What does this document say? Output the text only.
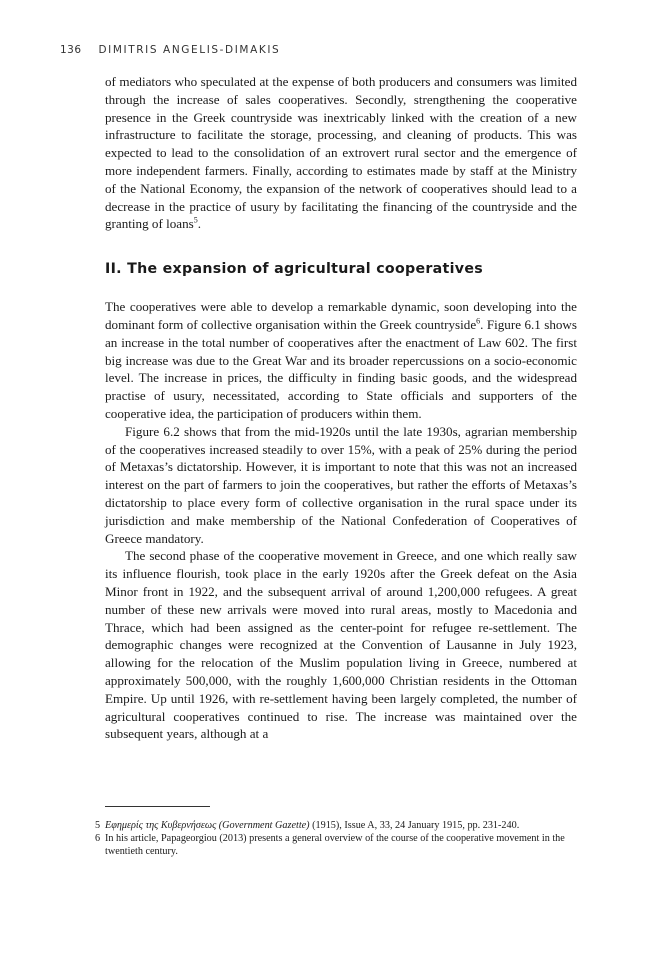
136 DIMITRIS ANGELIS-DIMAKIS

of mediators who speculated at the expense of both producers and consumers was limited through the increase of sales cooperatives. Secondly, strengthening the cooperative presence in the Greek countryside was inextricably linked with the creation of a new infrastructure to facilitate the storage, processing, and cleaning of products. This was expected to lead to the consolidation of an extrovert rural sector and the emergence of more independent farmers. Finally, according to estimates made by staff at the Ministry of the National Economy, the expansion of the network of cooperatives should lead to a decrease in the practice of usury by facilitating the financing of the countryside and the granting of loans$^5$.

II. The expansion of agricultural cooperatives

The cooperatives were able to develop a remarkable dynamic, soon developing into the dominant form of collective organisation within the Greek countryside$^6$. Figure 6.1 shows an increase in the total number of cooperatives after the enactment of Law 602. The first big increase was due to the Great War and its broader repercussions on a socio-economic level. The increase in prices, the difficulty in finding basic goods, and the widespread practise of usury, necessitated, according to State officials and supporters of the cooperative idea, the participation of producers within them.

Figure 6.2 shows that from the mid-1920s until the late 1930s, agrarian membership of the cooperatives increased steadily to over 15%, with a peak of 25% during the period of Metaxas’s dictatorship. However, it is important to note that this was not an increased interest on the part of farmers to join the cooperatives, but rather the efforts of Metaxas’s dictatorship to place every form of collective organisation in the rural space under its jurisdiction and make membership of the National Confederation of Cooperatives of Greece mandatory.

The second phase of the cooperative movement in Greece, and one which really saw its influence flourish, took place in the early 1920s after the Greek defeat on the Asia Minor front in 1922, and the subsequent arrival of around 1,200,000 refugees. A great number of these new arrivals were moved into rural areas, mostly to Macedonia and Thrace, which had been assigned as the center-point for refugee re-settlement. The demographic changes were recognized at the Convention of Lausanne in July 1923, allowing for the relocation of the Muslim population living in Greece, numbered at approximately 500,000, with the roughly 1,600,000 Christian residents in the Ottoman Empire. Up until 1926, with re-settlement having been largely completed, the number of agricultural cooperatives continued to rise. The increase was maintained over the subsequent years, although at a

5 Εφημερίς της Κυβερνήσεως (Government Gazette) (1915), Issue A, 33, 24 January 1915, pp. 231-240.
6 In his article, Papageorgiou (2013) presents a general overview of the course of the cooperative movement in the twentieth century.
